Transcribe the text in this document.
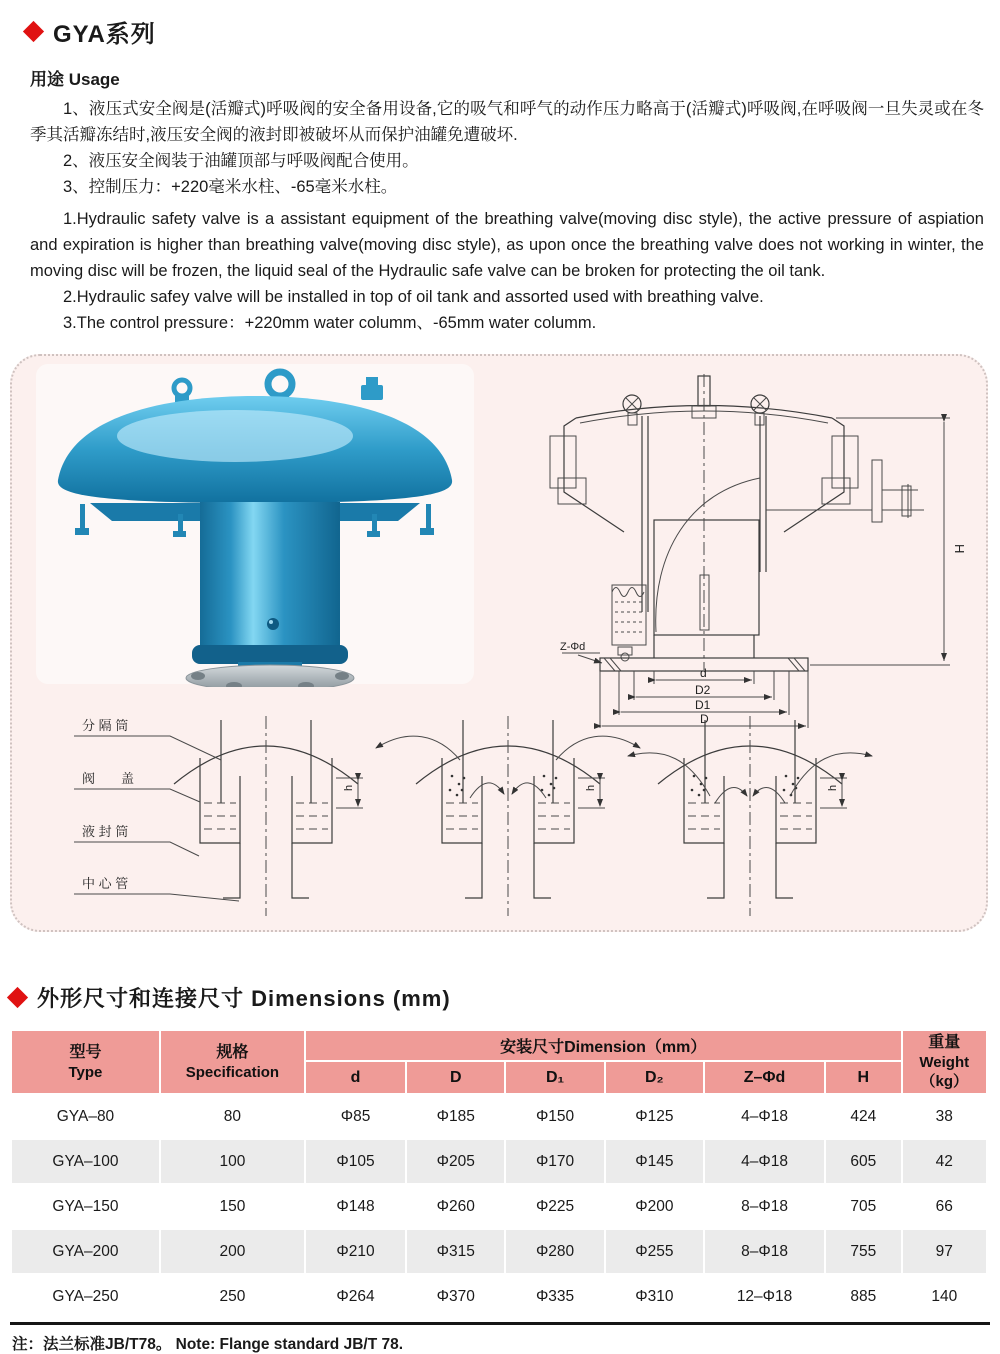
GYA系列
用途 Usage

1、液压式安全阀是(活瓣式)呼吸阀的安全备用设备,它的吸气和呼气的动作压力略高于(活瓣式)呼吸阀,在呼吸阀一旦失灵或在冬季其活瓣冻结时,液压安全阀的液封即被破坏从而保护油罐免遭破坏.

2、液压安全阀装于油罐顶部与呼吸阀配合使用。

3、控制压力：+220毫米水柱、-65毫米水柱。

1.Hydraulic safety valve is a assistant equipment of the breathing valve(moving disc style), the active pressure of aspiation and expiration is higher than breathing valve(moving disc style), as upon once the breathing valve does not working in winter, the moving disc will be frozen, the liquid seal of the Hydraulic safe valve can be broken for protecting the oil tank.

2.Hydraulic safey valve will be installed in top of oil tank and assorted used with breathing valve.

3.The control pressure：+220mm water columm、-65mm water columm.

H
Z-Φd
d
D2
D1
D
h
分 隔 筒
阀　　盖
液 封 筒
中 心 管
h	h
外形尺寸和连接尺寸 Dimensions (mm)
型号
Type	规格
Specification	安装尺寸Dimension（mm）						重量
Weight
（kg）

		d	D	D₁	D₂	Z–Φd	H	
GYA–80	80	Φ85	Φ185	Φ150	Φ125	4–Φ18	424	38
GYA–100	100	Φ105	Φ205	Φ170	Φ145	4–Φ18	605	42
GYA–150	150	Φ148	Φ260	Φ225	Φ200	8–Φ18	705	66
GYA–200	200	Φ210	Φ315	Φ280	Φ255	8–Φ18	755	97
GYA–250	250	Φ264	Φ370	Φ335	Φ310	12–Φ18	885	140
注：法兰标准JB/T78。 Note: Flange standard JB/T 78.
